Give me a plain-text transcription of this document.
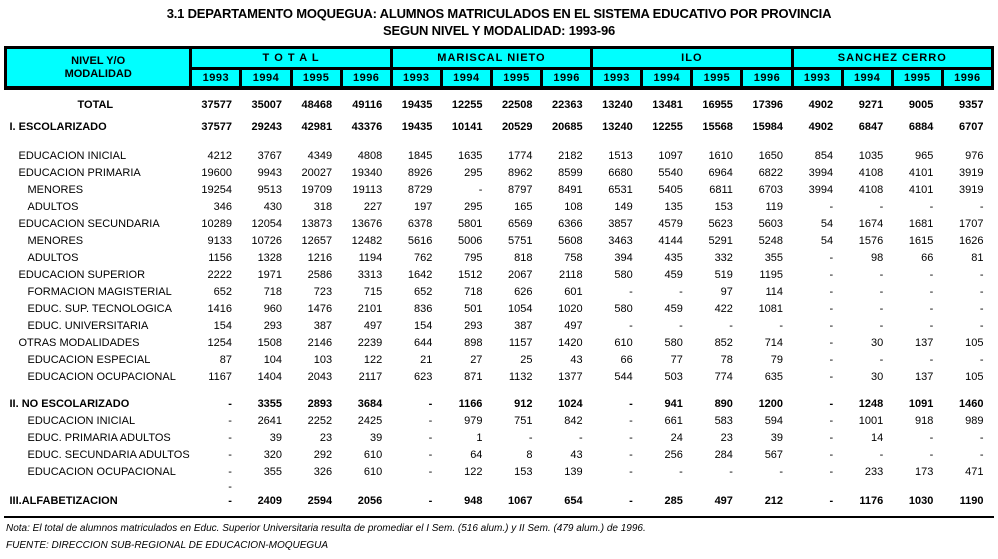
3.1 DEPARTAMENTO MOQUEGUA: ALUMNOS MATRICULADOS EN EL SISTEMA EDUCATIVO POR PROVINCIA
SEGUN NIVEL Y MODALIDAD: 1993-96
NIVEL Y/O
MODALIDAD	T O T A L				MARISCAL NIETO				ILO				SANCHEZ CERRO			
	1993	1994	1995	1996	1993	1994	1995	1996	1993	1994	1995	1996	1993	1994	1995	1996

TOTAL	37577	35007	48468	49116	19435	12255	22508	22363	13240	13481	16955	17396	4902	9271	9005	9357

I. ESCOLARIZADO	37577	29243	42981	43376	19435	10141	20529	20685	13240	12255	15568	15984	4902	6847	6884	6707

EDUCACION INICIAL	4212	3767	4349	4808	1845	1635	1774	2182	1513	1097	1610	1650	854	1035	965	976
EDUCACION PRIMARIA	19600	9943	20027	19340	8926	295	8962	8599	6680	5540	6964	6822	3994	4108	4101	3919
MENORES	19254	9513	19709	19113	8729	-	8797	8491	6531	5405	6811	6703	3994	4108	4101	3919
ADULTOS	346	430	318	227	197	295	165	108	149	135	153	119	-	-	-	-
EDUCACION SECUNDARIA	10289	12054	13873	13676	6378	5801	6569	6366	3857	4579	5623	5603	54	1674	1681	1707
MENORES	9133	10726	12657	12482	5616	5006	5751	5608	3463	4144	5291	5248	54	1576	1615	1626
ADULTOS	1156	1328	1216	1194	762	795	818	758	394	435	332	355	-	98	66	81
EDUCACION SUPERIOR	2222	1971	2586	3313	1642	1512	2067	2118	580	459	519	1195	-	-	-	-
FORMACION MAGISTERIAL	652	718	723	715	652	718	626	601	-	-	97	114	-	-	-	-
EDUC. SUP. TECNOLOGICA	1416	960	1476	2101	836	501	1054	1020	580	459	422	1081	-	-	-	-
EDUC. UNIVERSITARIA	154	293	387	497	154	293	387	497	-	-	-	-	-	-	-	-
OTRAS MODALIDADES	1254	1508	2146	2239	644	898	1157	1420	610	580	852	714	-	30	137	105
EDUCACION ESPECIAL	87	104	103	122	21	27	25	43	66	77	78	79	-	-	-	-
EDUCACION OCUPACIONAL	1167	1404	2043	2117	623	871	1132	1377	544	503	774	635	-	30	137	105

II. NO ESCOLARIZADO	-	3355	2893	3684	-	1166	912	1024	-	941	890	1200	-	1248	1091	1460
EDUCACION INICIAL	-	2641	2252	2425	-	979	751	842	-	661	583	594	-	1001	918	989
EDUC. PRIMARIA ADULTOS	-	39	23	39	-	1	-	-	-	24	23	39	-	14	-	-
EDUC. SECUNDARIA ADULTOS	-	320	292	610	-	64	8	43	-	256	284	567	-	-	-	-
EDUCACION OCUPACIONAL	-	355	326	610	-	122	153	139	-	-	-	-	-	233	173	471
	-															
III.ALFABETIZACION	-	2409	2594	2056	-	948	1067	654	-	285	497	212	-	1176	1030	1190
Nota: El total de alumnos matriculados en Educ. Superior Universitaria resulta de promediar el I Sem. (516 alum.) y II Sem. (479 alum.) de 1996.
FUENTE: DIRECCION SUB-REGIONAL DE EDUCACION-MOQUEGUA
